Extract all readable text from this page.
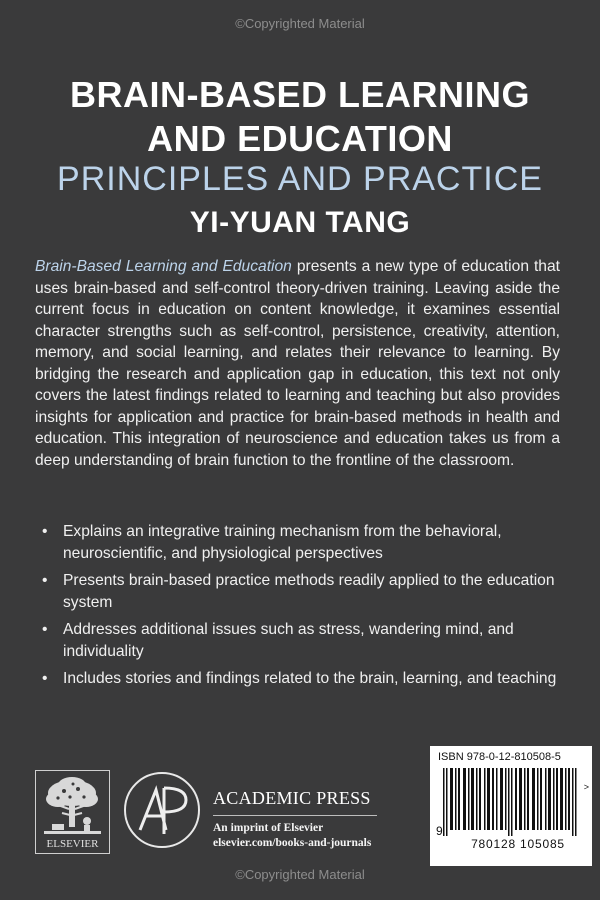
©Copyrighted Material
BRAIN-BASED LEARNING
AND EDUCATION
PRINCIPLES AND PRACTICE
YI-YUAN TANG
Brain-Based Learning and Education presents a new type of education that uses brain-based and self-control theory-driven training. Leaving aside the current focus in education on content knowledge, it examines essential character strengths such as self-control, persistence, creativity, attention, memory, and social learning, and relates their relevance to learning. By bridging the research and application gap in education, this text not only covers the latest findings related to learning and teaching but also provides insights for application and practice for brain-based methods in health and education. This integration of neuroscience and education takes us from a deep understanding of brain function to the frontline of the classroom.
• Explains an integrative training mechanism from the behavioral, neuroscientific, and physiological perspectives
• Presents brain-based practice methods readily applied to the education system
• Addresses additional issues such as stress, wandering mind, and individuality
• Includes stories and findings related to the brain, learning, and teaching
ELSEVIER
ACADEMIC PRESS
An imprint of Elsevier
elsevier.com/books-and-journals
ISBN 978-0-12-810508-5
9
780128 105085
>
©Copyrighted Material
